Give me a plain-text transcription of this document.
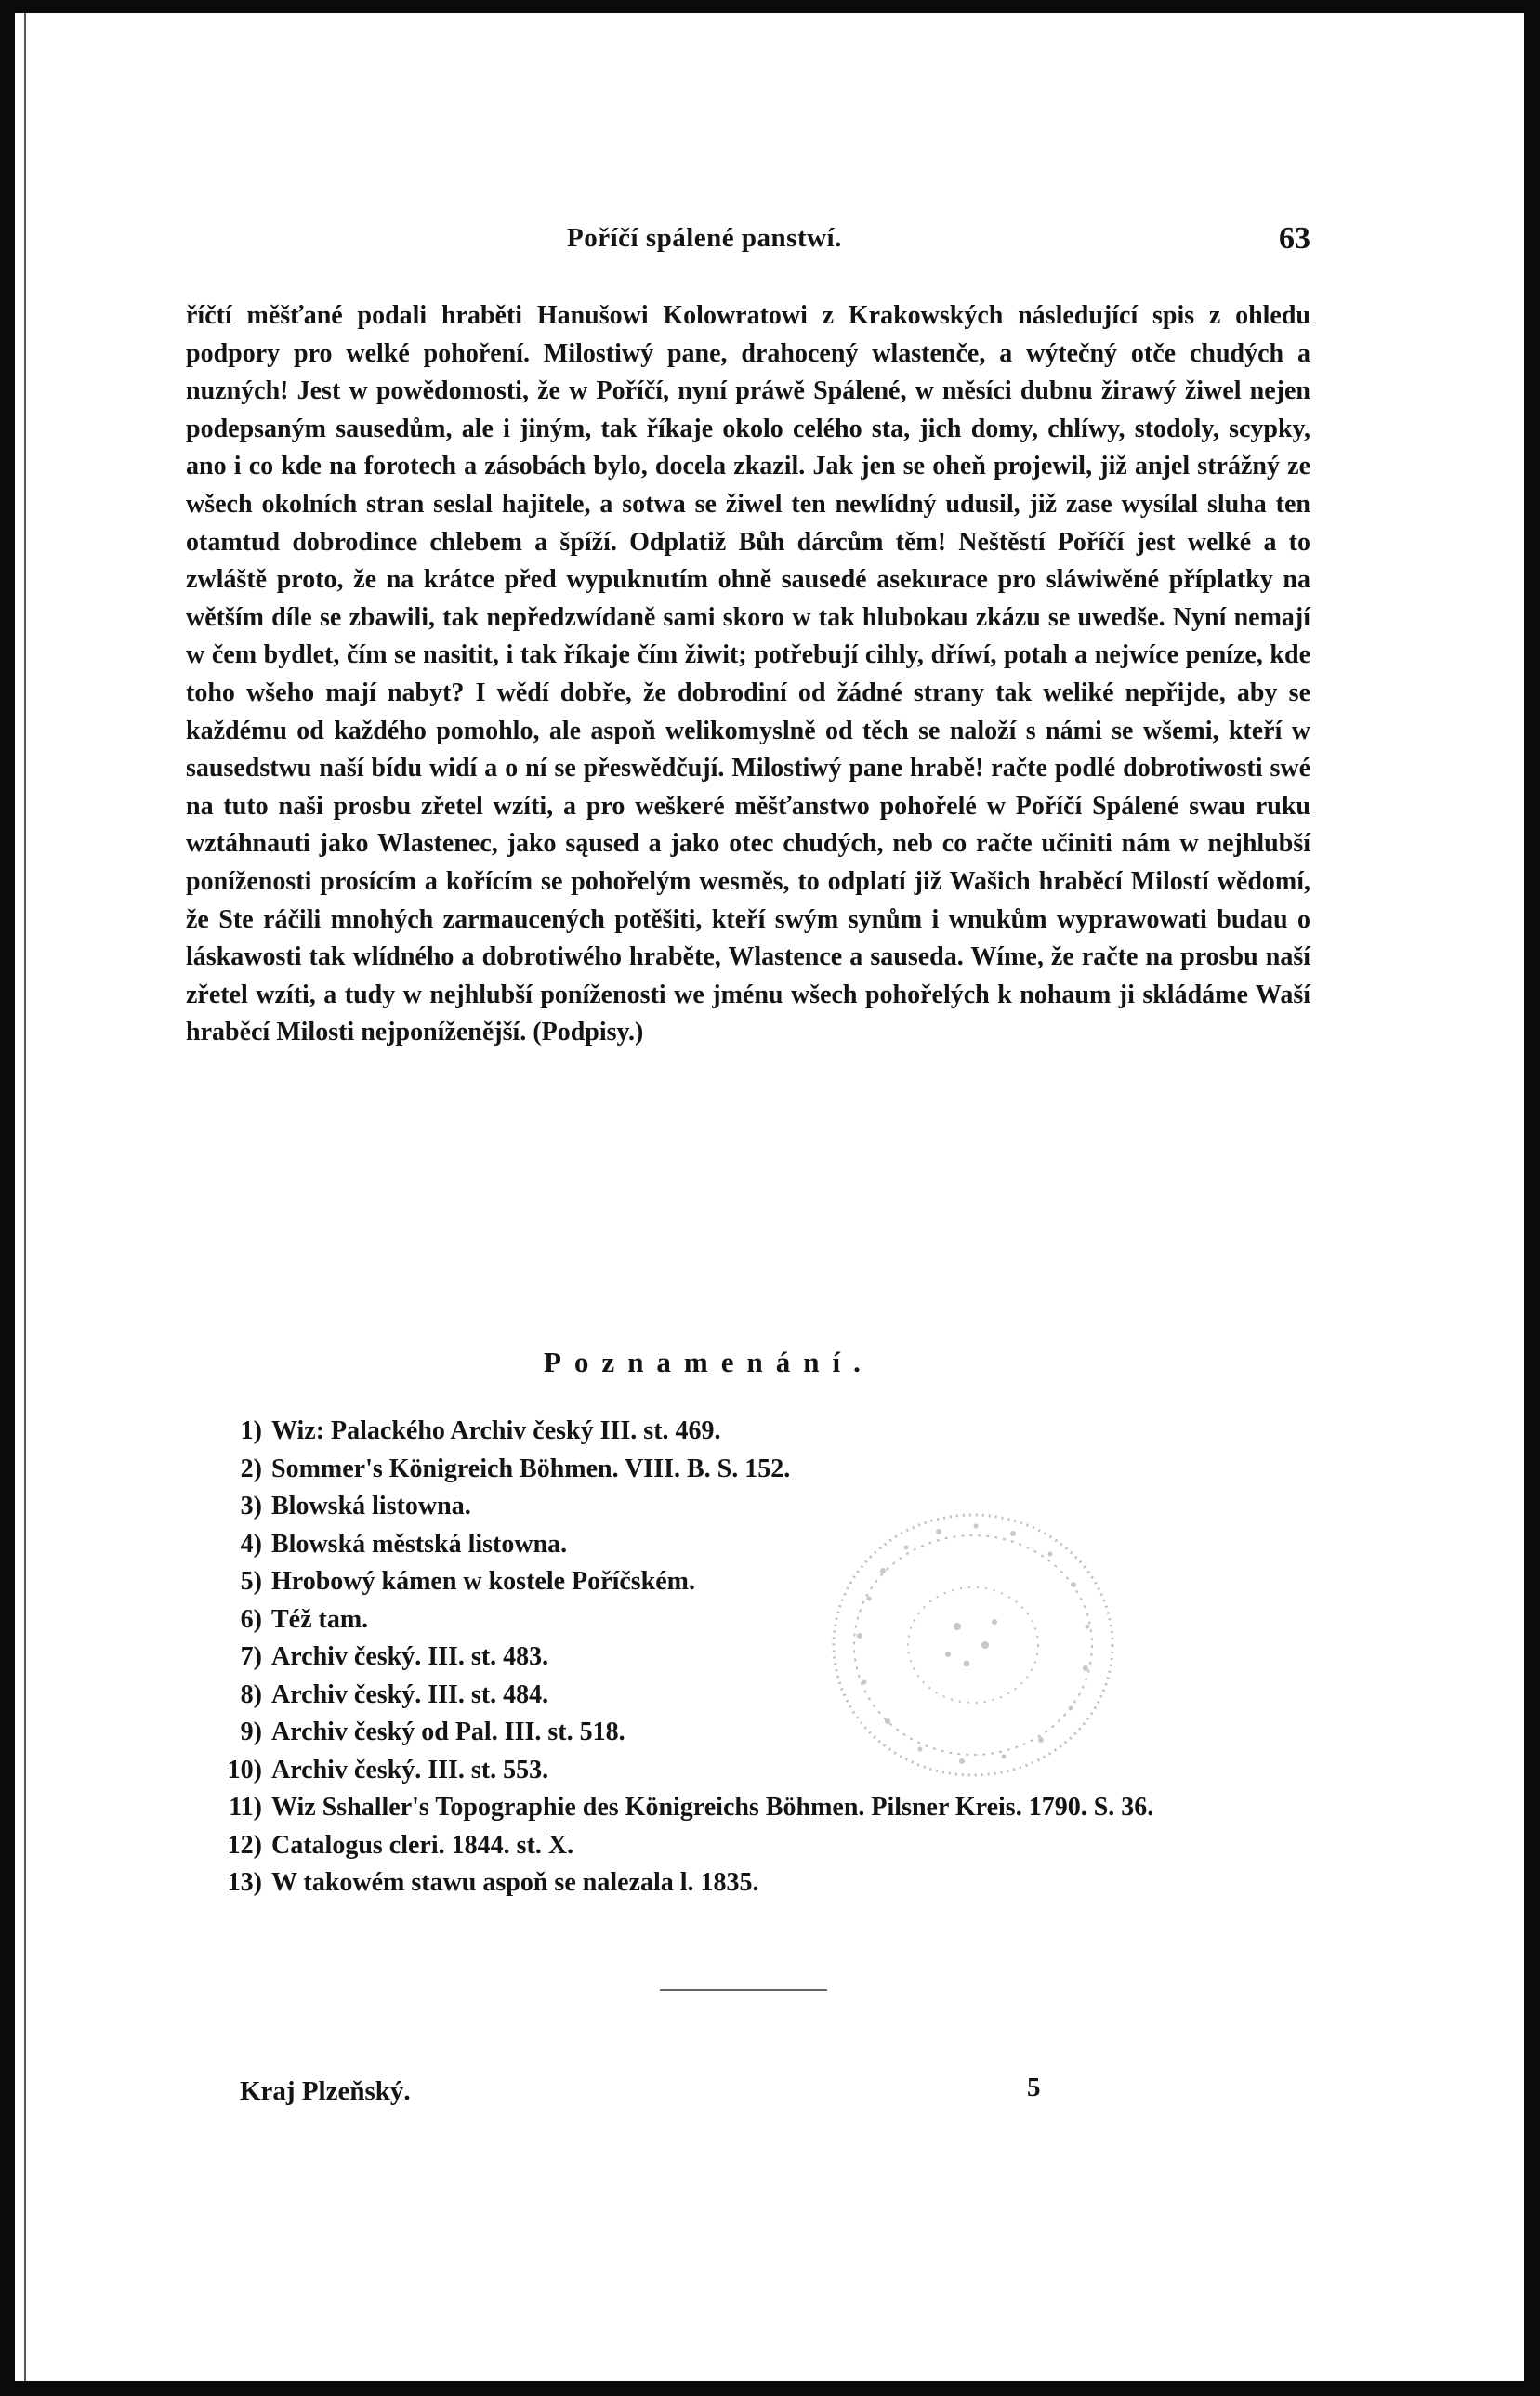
Poříčí spálené panstwí.	63

říčtí měšťané podali hraběti Hanušowi Kolowratowi z Krakowských následující spis z ohledu podpory pro welké pohoření. Milostiwý pane, drahocený wlastenče, a wýtečný otče chudých a nuzných! Jest w powědomosti, že w Poříčí, nyní práwě Spálené, w měsíci dubnu žirawý žiwel nejen podepsaným sausedům, ale i jiným, tak říkaje okolo celého sta, jich domy, chlíwy, stodoly, sсypky, ano i co kde na forotech a zásobách bylo, docela zkazil. Jak jen se oheň projewil, již anjel strážný ze wšech okolních stran seslal hajitele, a sotwa se žiwel ten newlídný udusil, již zase wysílal sluha ten otamtud dobrodince chlebem a špíží. Odplatiž Bůh dárcům těm! Neštěstí Poříčí jest welké a to zwláště proto, že na krátce před wypuknutím ohně sausedé asekurace pro sláwiwěné příplatky na wětším díle se zbawili, tak nepředzwídaně sami skoro w tak hlubokau zkázu se uwedše. Nyní nemají w čem bydlet, čím se nasitit, i tak říkaje čím žiwit; potřebují cihly, dříwí, potah a nejwíce peníze, kde toho wšeho mají nabyt? I wědí dobře, že dobrodiní od žádné strany tak weliké nepřijde, aby se každému od každého pomohlo, ale aspoň welikomyslně od těch se naloží s námi se wšemi, kteří w sausedstwu naší bídu widí a o ní se přeswědčují. Milostiwý pane hrabě! račte podlé dobrotiwosti swé na tuto naši prosbu zřetel wzíti, a pro weškeré měšťanstwo pohořelé w Poříčí Spálené swau ruku wztáhnauti jako Wlastenec, jako sąused a jako otec chudých, neb co račte učiniti nám w nejhlubší poníženosti prosícím a kořícím se pohořelým wesměs, to odplatí již Wašich hraběcí Milostí wědomí, že Ste ráčili mnohých zarmaucených potěšiti, kteří swým synům i wnukům wyprawowati budau o láskawosti tak wlídného a dobrotiwého hraběte, Wlastence a sauseda. Wíme, že račte na prosbu naší zřetel wzíti, a tudy w nejhlubší poníženosti we jménu wšech pohořelých k nohaum ji skládáme Waší hraběcí Milosti nejponíženější. (Podpisy.)

Poznamenání.
1) Wiz: Palackého Archiv český III. st. 469.
2) Sommer's Königreich Böhmen. VIII. B. S. 152.
3) Blowská listowna.
4) Blowská městská listowna.
5) Hrobowý kámen w kostele Poříčském.
6) Též tam.
7) Archiv český. III. st. 483.
8) Archiv český. III. st. 484.
9) Archiv český od Pal. III. st. 518.
10) Archiv český. III. st. 553.
11) Wiz Sshaller's Topographie des Königreichs Böhmen. Pilsner Kreis. 1790. S. 36.
12) Catalogus cleri. 1844. st. X.
13) W takowém stawu aspoň se nalezala l. 1835.
Kraj Plzeňský.	5
